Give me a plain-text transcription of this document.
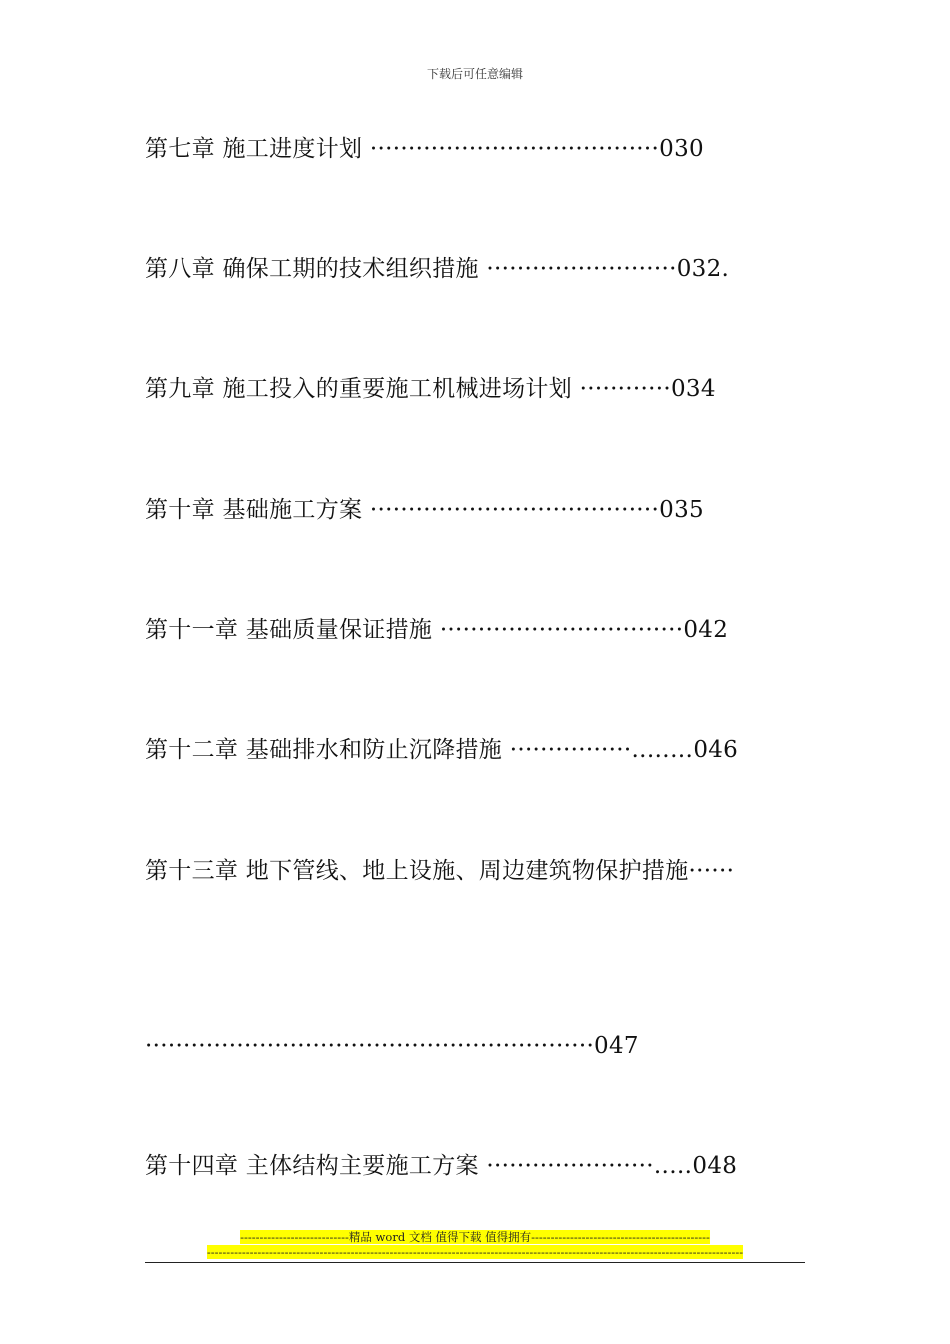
下载后可任意编辑
第七章 施工进度计划 ······································030
第八章 确保工期的技术组织措施 ·························032.
第九章 施工投入的重要施工机械进场计划 ············034
第十章 基础施工方案 ······································035
第十一章 基础质量保证措施 ································042
第十二章 基础排水和防止沉降措施 ················..……046
第十三章 地下管线、地上设施、周边建筑物保护措施······
···························································047
第十四章 主体结构主要施工方案 ······················..…048
----------------------------精品 word 文档 值得下载 值得拥有----------------------------------------------
------------------------------------------------------------------------------------------------------------------------------------------
